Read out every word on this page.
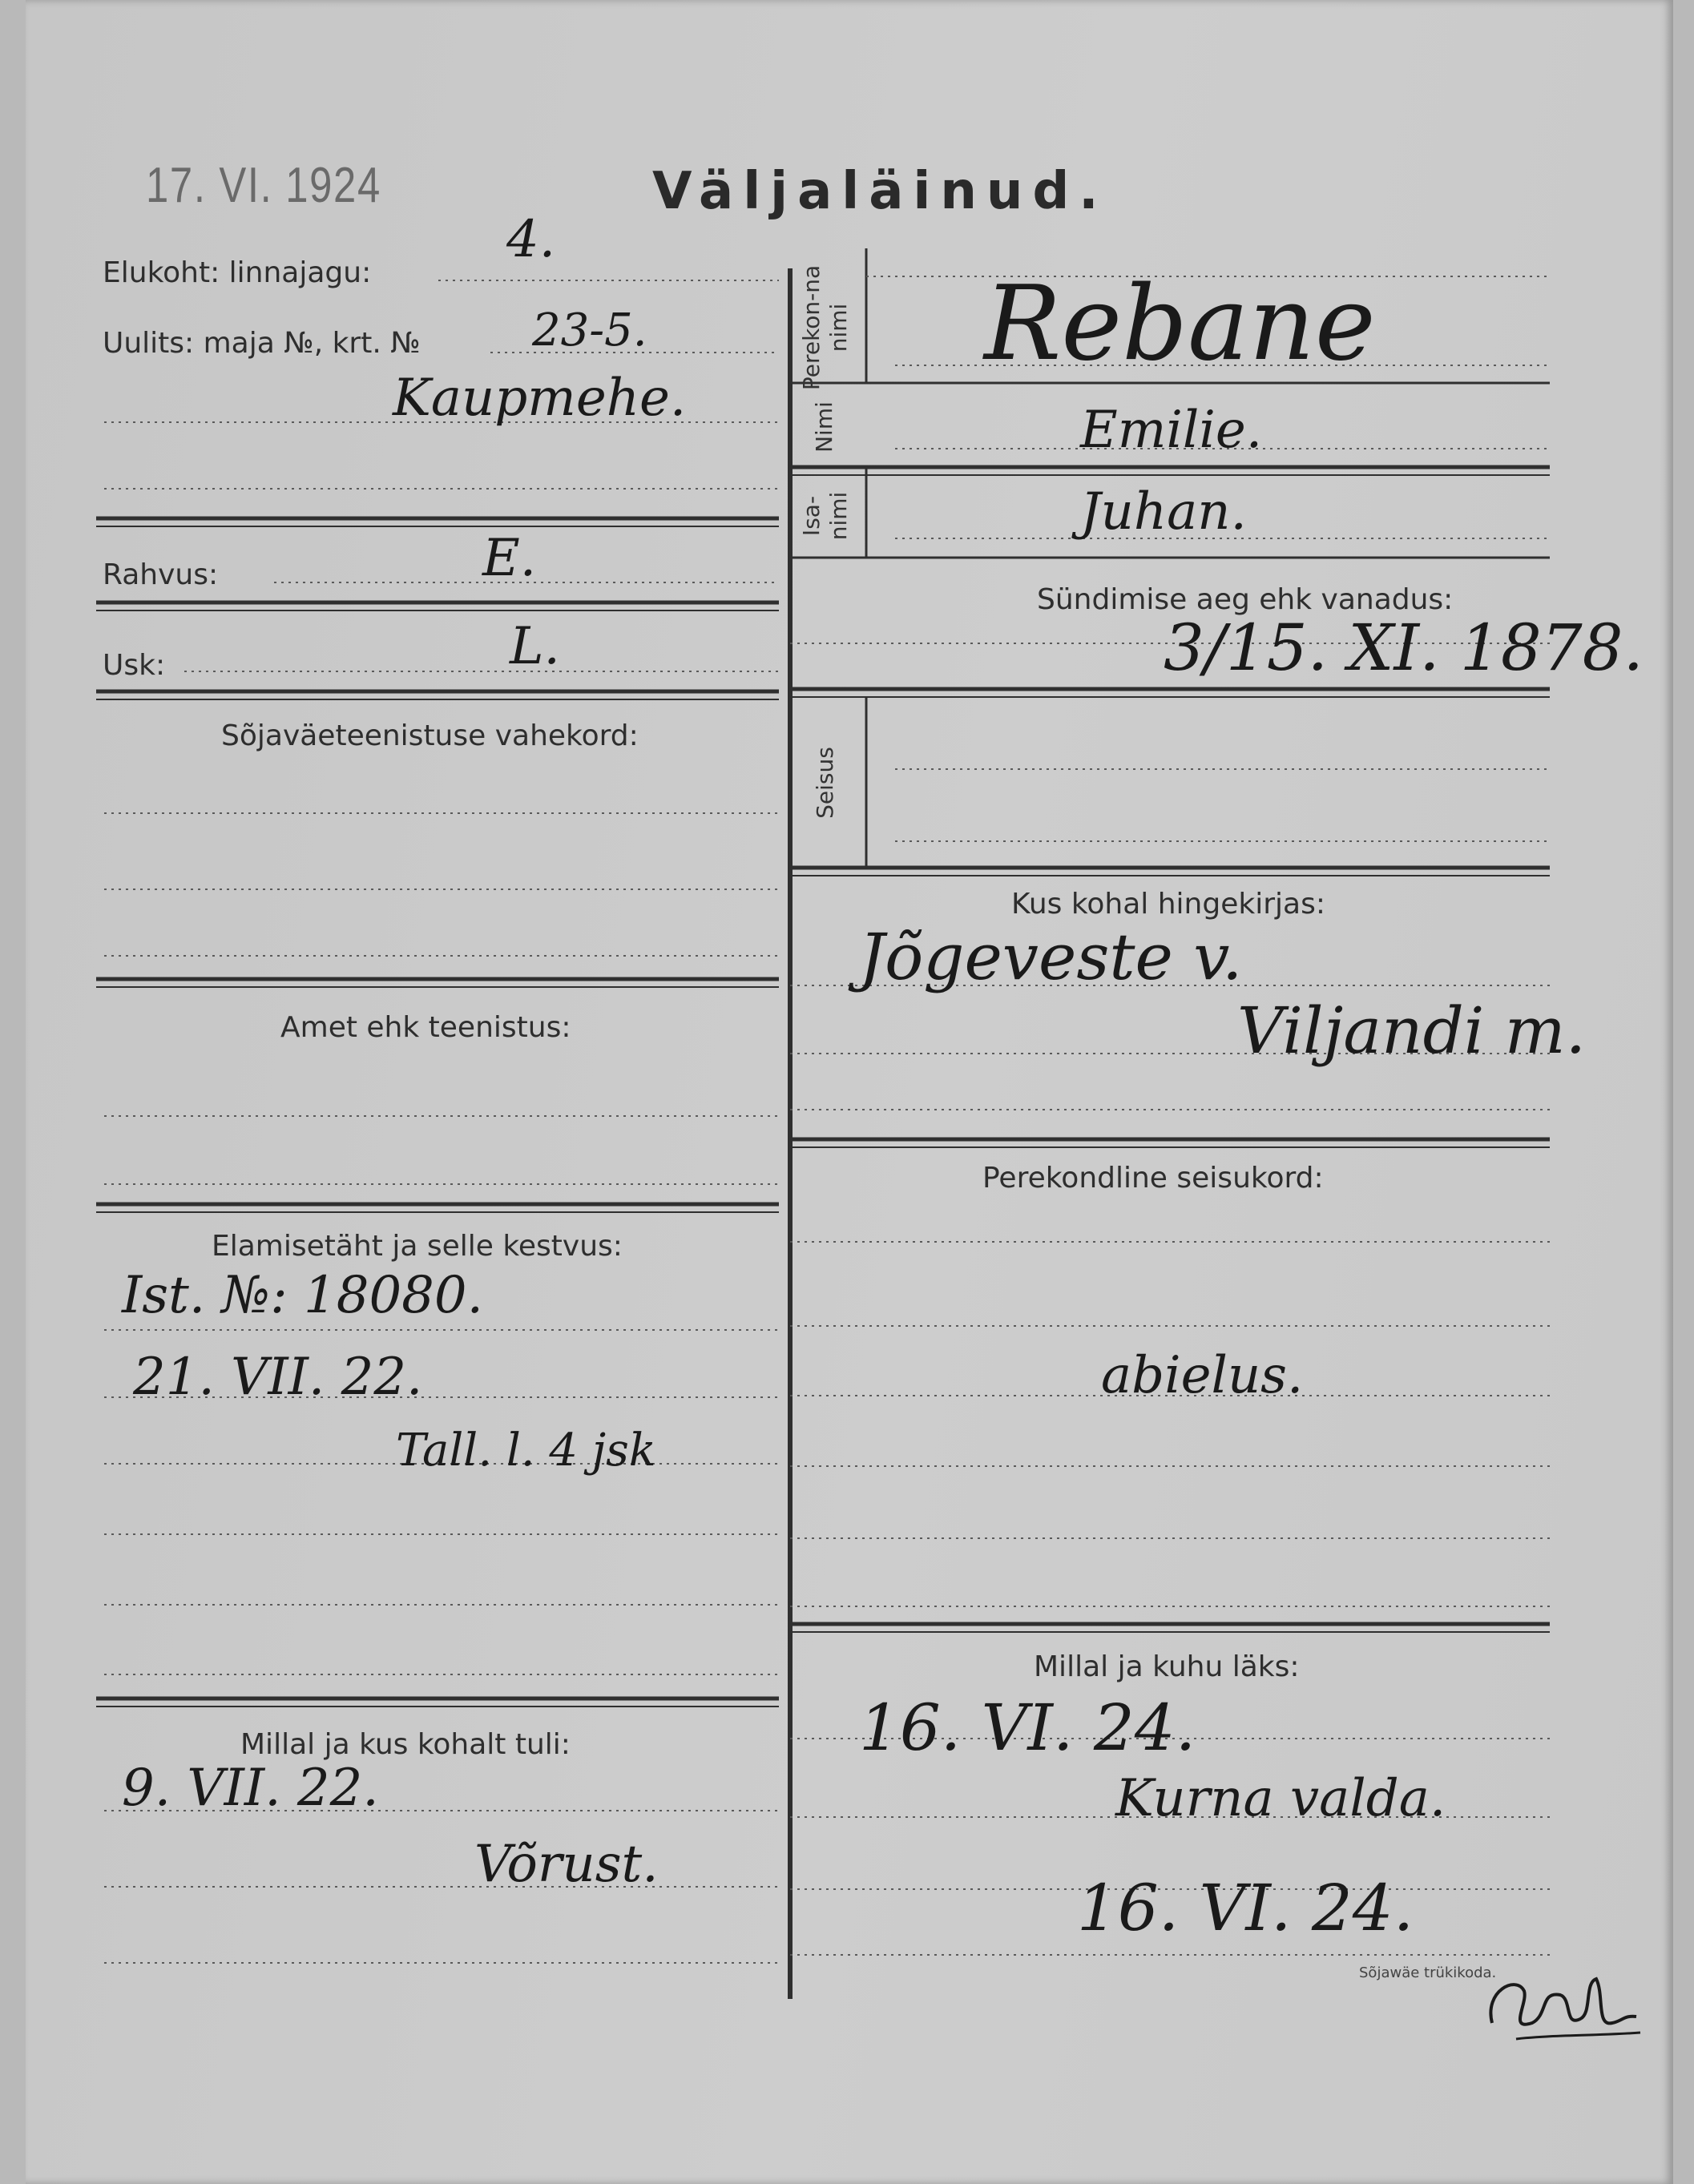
17. VI. 1924	Väljaläinud.
Elukoht: linnajagu:
Uulits: maja №, krt. №
Rahvus:
Usk:
Sõjaväeteenistuse vahekord:
Amet ehk teenistus:
Elamisetäht ja selle kestvus:
Millal ja kus kohalt tuli:
4.
23-5.
Kaupmehe.
E.
L.
Ist. №: 18080.
21. VII. 22.
Tall. l. 4 jsk
9. VII. 22.
Võrust.
Perekon-na nimi
Nimi
Isa-nimi
Seisus
Sündimise aeg ehk vanadus:
Kus kohal hingekirjas:
Perekondline seisukord:
Millal ja kuhu läks:
Rebane
Emilie.
Juhan.
3/15. XI. 1878.
Jõgeveste v.
Viljandi m.
abielus.
16. VI. 24.
Kurna valda.
16. VI. 24.
Sõjawäe trükikoda.
